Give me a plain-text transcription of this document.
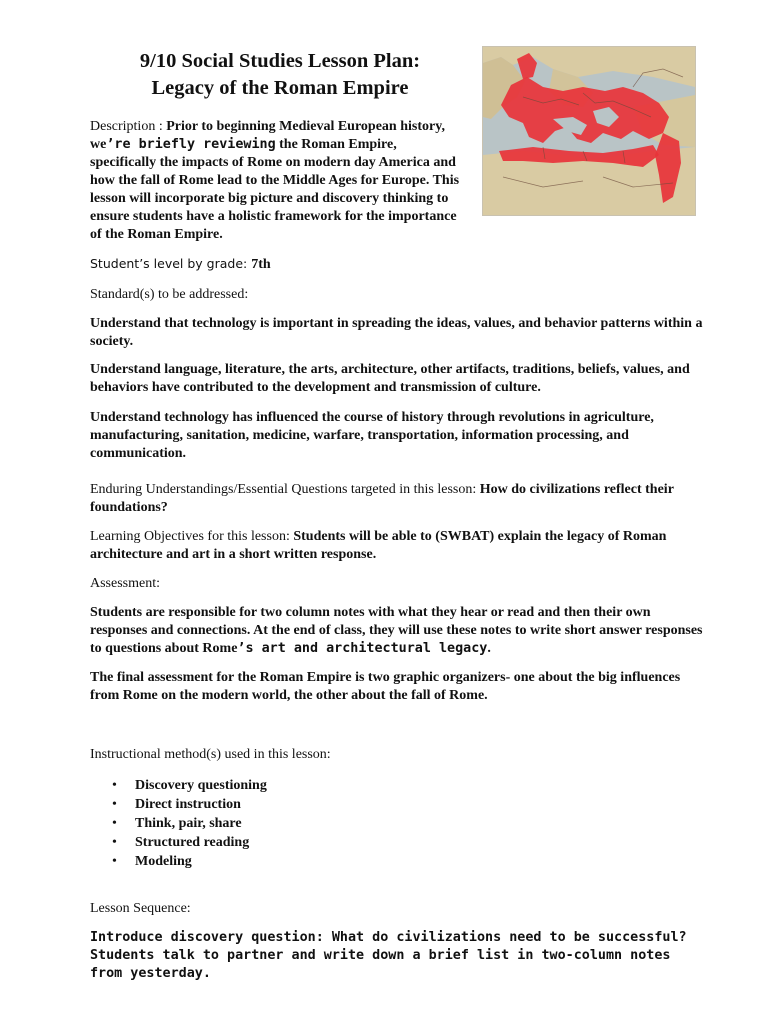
9/10 Social Studies Lesson Plan:
Legacy of the Roman Empire

Description : Prior to beginning Medieval European history, we’re briefly reviewing the Roman Empire, specifically the impacts of Rome on modern day America and how the fall of Rome lead to the Middle Ages for Europe. This lesson will incorporate big picture and discovery thinking to ensure students have a holistic framework for the importance of the Roman Empire.

Student’s level by grade: 7th

Standard(s) to be addressed:

Understand that technology is important in spreading the ideas, values, and behavior patterns within a society.

Understand language, literature, the arts, architecture, other artifacts, traditions, beliefs, values, and behaviors have contributed to the development and transmission of culture.

Understand technology has influenced the course of history through revolutions in agriculture, manufacturing, sanitation, medicine, warfare, transportation, information processing, and communication.

Enduring Understandings/Essential Questions targeted in this lesson: How do civilizations reflect their foundations?

Learning Objectives for this lesson: Students will be able to (SWBAT) explain the legacy of Roman architecture and art in a short written response.

Assessment:

Students are responsible for two column notes with what they hear or read and then their own responses and connections. At the end of class, they will use these notes to write short answer responses to questions about Rome’s art and architectural legacy.

The final assessment for the Roman Empire is two graphic organizers- one about the big influences from Rome on the modern world, the other about the fall of Rome.

Instructional method(s) used in this lesson:

• Discovery questioning
• Direct instruction
• Think, pair, share
• Structured reading
• Modeling

Lesson Sequence:

Introduce discovery question: What do civilizations need to be successful? Students talk to partner and write down a brief list in two-column notes from yesterday.
